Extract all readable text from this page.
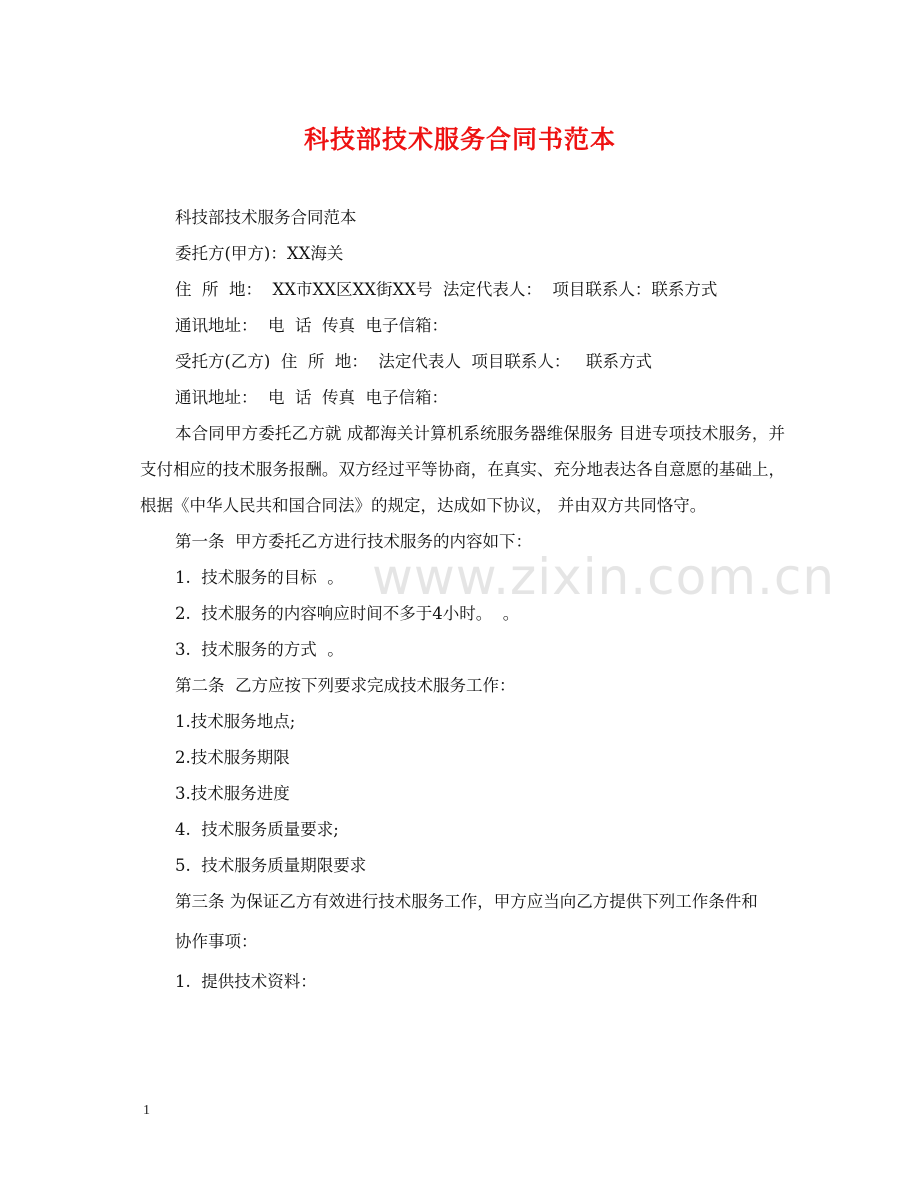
科技部技术服务合同书范本

科技部技术服务合同范本

委托方(甲方)：XX海关

住  所  地：  XX市XX区XX街XX号  法定代表人：  项目联系人：联系方式

通讯地址：  电  话  传真  电子信箱：

受托方(乙方)  住  所  地：  法定代表人  项目联系人：   联系方式

通讯地址：  电  话  传真  电子信箱：

本合同甲方委托乙方就 成都海关计算机系统服务器维保服务 目进专项技术服务，并支付相应的技术服务报酬。双方经过平等协商，在真实、充分地表达各自意愿的基础上，根据《中华人民共和国合同法》的规定，达成如下协议， 并由双方共同恪守。

第一条  甲方委托乙方进行技术服务的内容如下：

1.  技术服务的目标  。

2.  技术服务的内容响应时间不多于4小时。  。

3.  技术服务的方式  。

第二条  乙方应按下列要求完成技术服务工作：

1.技术服务地点;

2.技术服务期限

3.技术服务进度

4.  技术服务质量要求;

5.  技术服务质量期限要求

第三条 为保证乙方有效进行技术服务工作，甲方应当向乙方提供下列工作条件和

协作事项：

1.  提供技术资料：

www.zixin.com.cn
1
